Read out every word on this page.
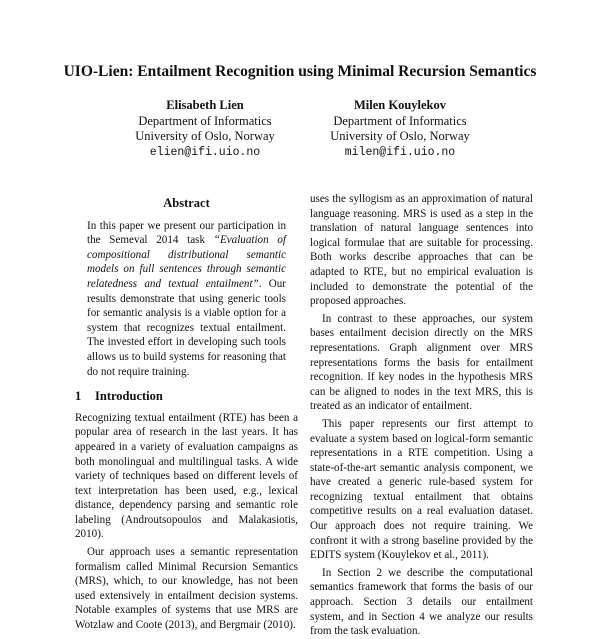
UIO-Lien: Entailment Recognition using Minimal Recursion Semantics
Elisabeth Lien
Department of Informatics
University of Oslo, Norway
elien@ifi.uio.no
Milen Kouylekov
Department of Informatics
University of Oslo, Norway
milen@ifi.uio.no
Abstract

In this paper we present our participation in the Semeval 2014 task “Evaluation of compositional distributional semantic models on full sentences through semantic relatedness and textual entailment”. Our results demonstrate that using generic tools for semantic analysis is a viable option for a system that recognizes textual entailment. The invested effort in developing such tools allows us to build systems for reasoning that do not require training.

1 Introduction

Recognizing textual entailment (RTE) has been a popular area of research in the last years. It has appeared in a variety of evaluation campaigns as both monolingual and multilingual tasks. A wide variety of techniques based on different levels of text interpretation has been used, e.g., lexical distance, dependency parsing and semantic role labeling (Androutsopoulos and Malakasiotis, 2010).

Our approach uses a semantic representation formalism called Minimal Recursion Semantics (MRS), which, to our knowledge, has not been used extensively in entailment decision systems. Notable examples of systems that use MRS are Wotzlaw and Coote (2013), and Bergmair (2010).

uses the syllogism as an approximation of natural language reasoning. MRS is used as a step in the translation of natural language sentences into logical formulae that are suitable for processing. Both works describe approaches that can be adapted to RTE, but no empirical evaluation is included to demonstrate the potential of the proposed approaches.

In contrast to these approaches, our system bases entailment decision directly on the MRS representations. Graph alignment over MRS representations forms the basis for entailment recognition. If key nodes in the hypothesis MRS can be aligned to nodes in the text MRS, this is treated as an indicator of entailment.

This paper represents our first attempt to evaluate a system based on logical-form semantic representations in a RTE competition. Using a state-of-the-art semantic analysis component, we have created a generic rule-based system for recognizing textual entailment that obtains competitive results on a real evaluation dataset. Our approach does not require training. We confront it with a strong baseline provided by the EDITS system (Kouylekov et al., 2011).

In Section 2 we describe the computational semantics framework that forms the basis of our approach. Section 3 details our entailment system, and in Section 4 we analyze our results from the task evaluation.
